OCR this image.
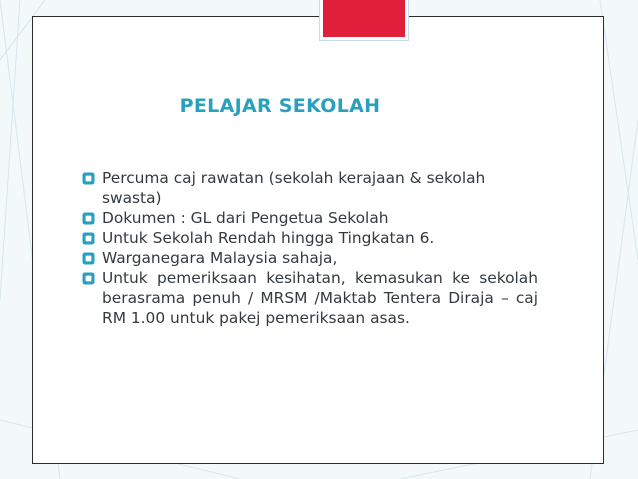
PELAJAR SEKOLAH
Percuma caj rawatan (sekolah kerajaan & sekolah swasta)
Dokumen : GL dari Pengetua Sekolah
Untuk Sekolah Rendah hingga Tingkatan 6.
Warganegara Malaysia sahaja,
Untuk pemeriksaan kesihatan, kemasukan ke sekolah berasrama penuh / MRSM /Maktab Tentera Diraja – caj RM 1.00 untuk pakej pemeriksaan asas.
